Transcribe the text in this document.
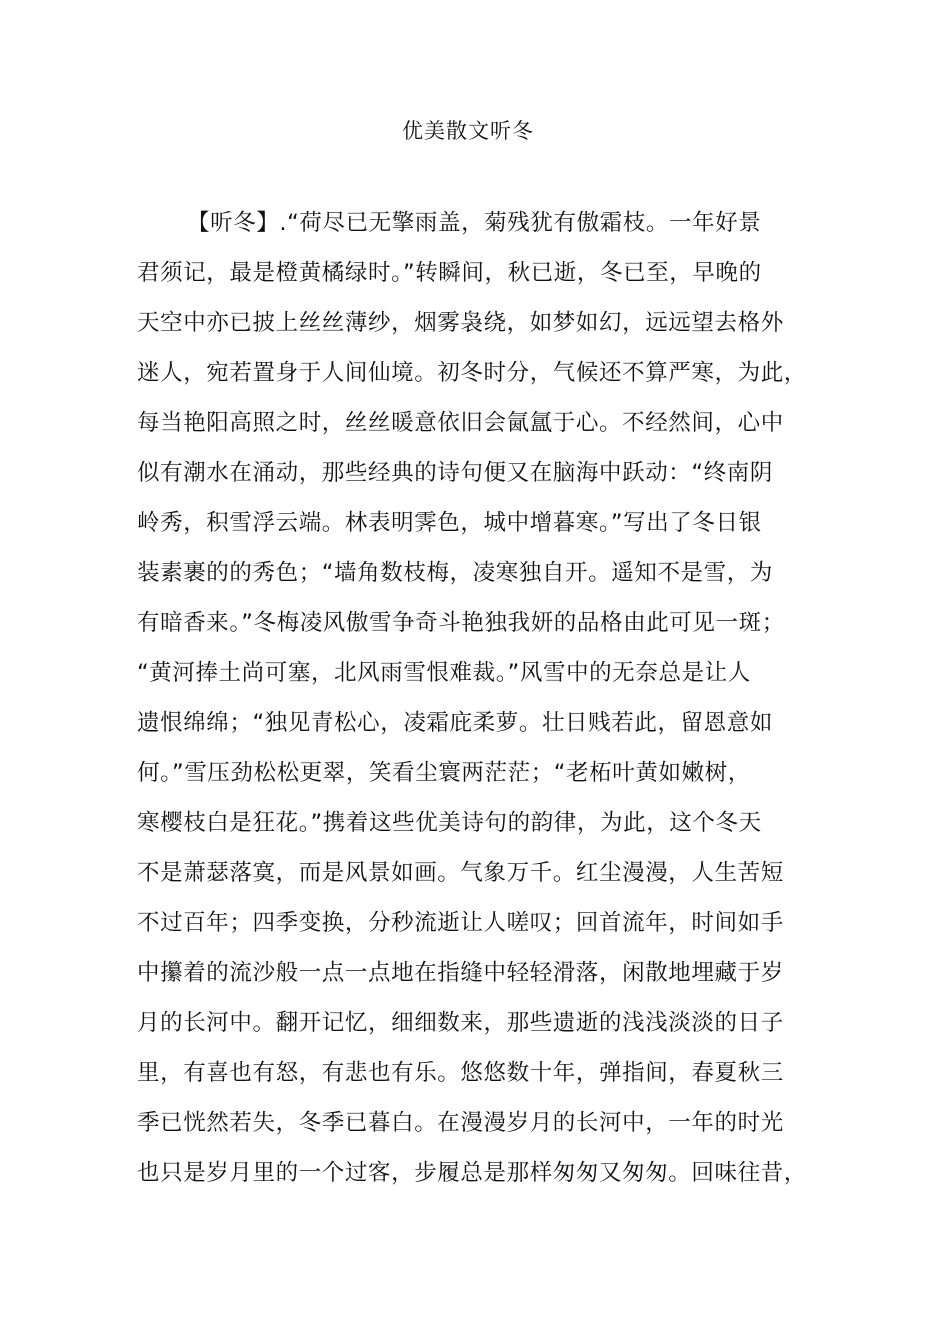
优美散文听冬
【听冬】.“荷尽已无擎雨盖，菊残犹有傲霜枝。一年好景
君须记，最是橙黄橘绿时。”转瞬间，秋已逝，冬已至，早晚的
天空中亦已披上丝丝薄纱，烟雾袅绕，如梦如幻，远远望去格外
迷人，宛若置身于人间仙境。初冬时分，气候还不算严寒，为此，
每当艳阳高照之时，丝丝暖意依旧会氤氲于心。不经然间，心中
似有潮水在涌动，那些经典的诗句便又在脑海中跃动：“终南阴
岭秀，积雪浮云端。林表明霁色，城中增暮寒。”写出了冬日银
装素裹的的秀色；“墙角数枝梅，凌寒独自开。遥知不是雪，为
有暗香来。”冬梅凌风傲雪争奇斗艳独我妍的品格由此可见一斑；
“黄河捧土尚可塞，北风雨雪恨难裁。”风雪中的无奈总是让人
遗恨绵绵；“独见青松心，凌霜庇柔萝。壮日贱若此，留恩意如
何。”雪压劲松松更翠，笑看尘寰两茫茫；“老柘叶黄如嫩树，
寒樱枝白是狂花。”携着这些优美诗句的韵律，为此，这个冬天
不是萧瑟落寞，而是风景如画。气象万千。红尘漫漫，人生苦短
不过百年；四季变换，分秒流逝让人嗟叹；回首流年，时间如手
中攥着的流沙般一点一点地在指缝中轻轻滑落，闲散地埋藏于岁
月的长河中。翻开记忆，细细数来，那些遗逝的浅浅淡淡的日子
里，有喜也有怒，有悲也有乐。悠悠数十年，弹指间，春夏秋三
季已恍然若失，冬季已暮白。在漫漫岁月的长河中，一年的时光
也只是岁月里的一个过客，步履总是那样匆匆又匆匆。回味往昔，
